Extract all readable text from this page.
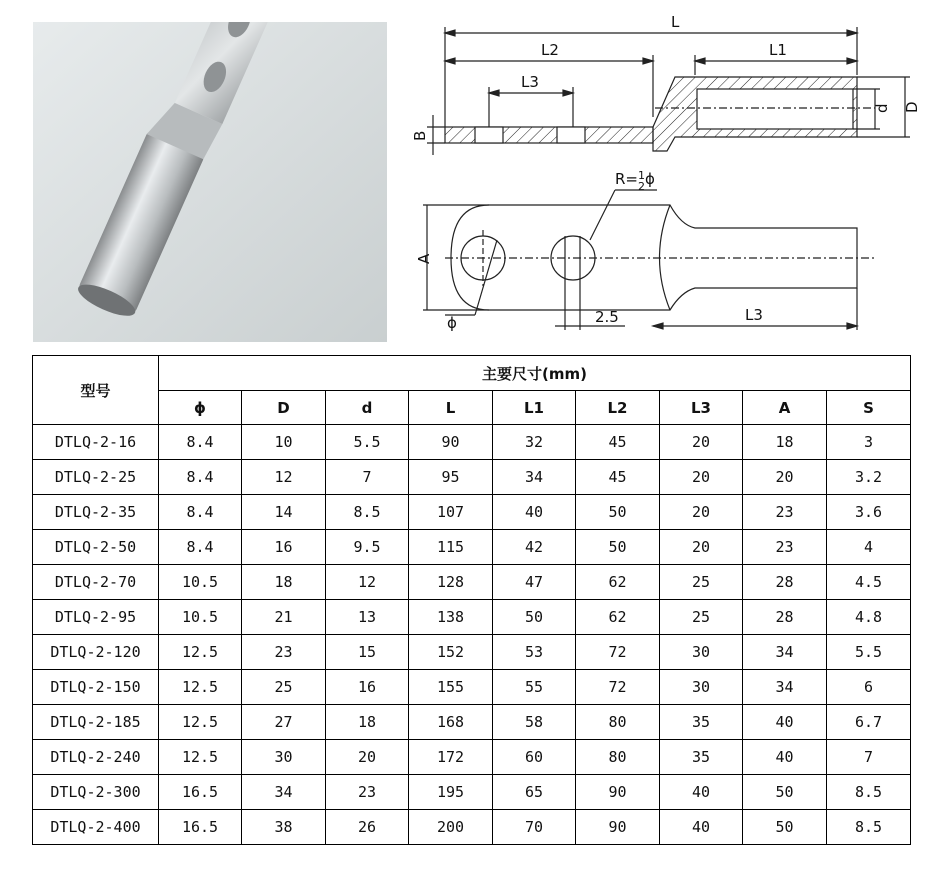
L
L2	L1
L3
d D
B
A
R=$^1$ 2ϕ
ϕ	2.5	L3
型号	主要尺寸(mm)								
	ϕ	D	d	L	L1	L2	L3	A	S
DTLQ-2-16	8.4	10	5.5	90	32	45	20	18	3
DTLQ-2-25	8.4	12	7	95	34	45	20	20	3.2
DTLQ-2-35	8.4	14	8.5	107	40	50	20	23	3.6
DTLQ-2-50	8.4	16	9.5	115	42	50	20	23	4
DTLQ-2-70	10.5	18	12	128	47	62	25	28	4.5
DTLQ-2-95	10.5	21	13	138	50	62	25	28	4.8
DTLQ-2-120	12.5	23	15	152	53	72	30	34	5.5
DTLQ-2-150	12.5	25	16	155	55	72	30	34	6
DTLQ-2-185	12.5	27	18	168	58	80	35	40	6.7
DTLQ-2-240	12.5	30	20	172	60	80	35	40	7
DTLQ-2-300	16.5	34	23	195	65	90	40	50	8.5
DTLQ-2-400	16.5	38	26	200	70	90	40	50	8.5
